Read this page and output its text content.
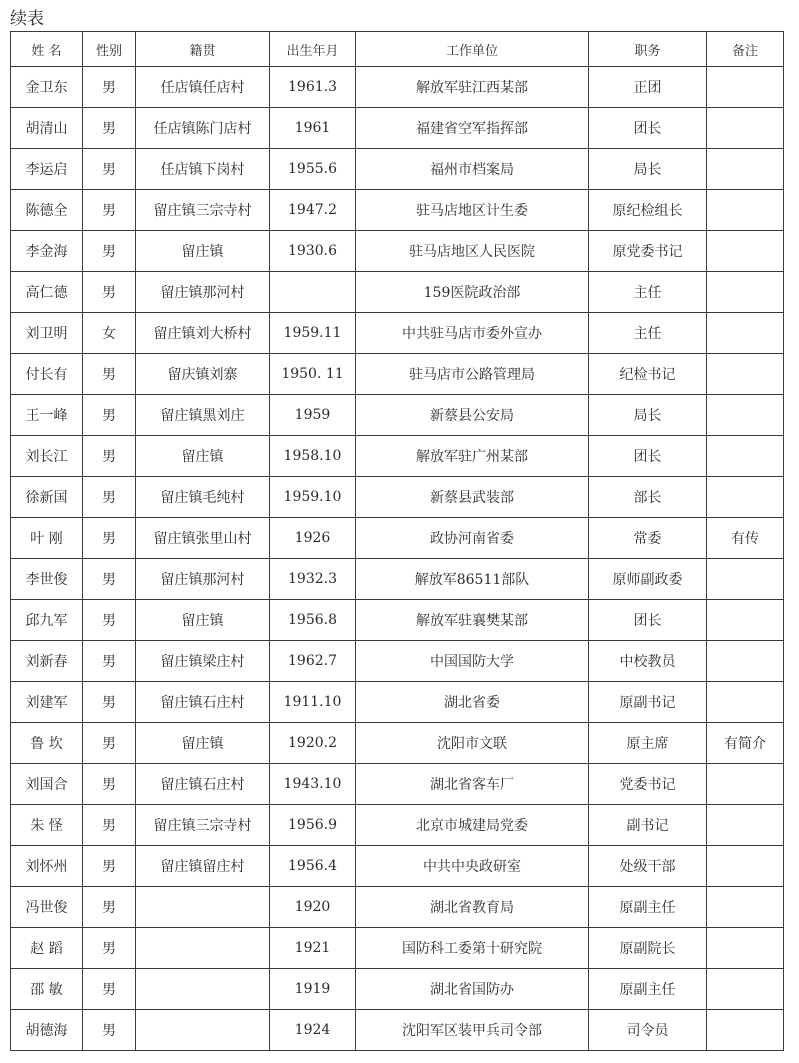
续表
姓 名	性别	籍贯	出生年月	工作单位	职务	备注
金卫东	男	任店镇任店村	1961.3	解放军驻江西某部	正团	
胡清山	男	任店镇陈门店村	1961	福建省空军指挥部	团长	
李运启	男	任店镇下岗村	1955.6	福州市档案局	局长	
陈德全	男	留庄镇三宗寺村	1947.2	驻马店地区计生委	原纪检组长	
李金海	男	留庄镇	1930.6	驻马店地区人民医院	原党委书记	
高仁德	男	留庄镇那河村		159医院政治部	主任	
刘卫明	女	留庄镇刘大桥村	1959.11	中共驻马店市委外宣办	主任	
付长有	男	留庆镇刘寨	1950. 11	驻马店市公路管理局	纪检书记	
王一峰	男	留庄镇黑刘庄	1959	新蔡县公安局	局长	
刘长江	男	留庄镇	1958.10	解放军驻广州某部	团长	
徐新国	男	留庄镇毛纯村	1959.10	新蔡县武装部	部长	
叶 刚	男	留庄镇张里山村	1926	政协河南省委	常委	有传
李世俊	男	留庄镇那河村	1932.3	解放军86511部队	原师副政委	
邱九军	男	留庄镇	1956.8	解放军驻襄樊某部	团长	
刘新春	男	留庄镇梁庄村	1962.7	中国国防大学	中校教员	
刘建军	男	留庄镇石庄村	1911.10	湖北省委	原副书记	
鲁 坎	男	留庄镇	1920.2	沈阳市文联	原主席	有简介
刘国合	男	留庄镇石庄村	1943.10	湖北省客车厂	党委书记	
朱 怪	男	留庄镇三宗寺村	1956.9	北京市城建局党委	副书记	
刘怀州	男	留庄镇留庄村	1956.4	中共中央政研室	处级干部	
冯世俊	男		1920	湖北省教育局	原副主任	
赵 蹈	男		1921	国防科工委第十研究院	原副院长	
邵 敏	男		1919	湖北省国防办	原副主任	
胡德海	男		1924	沈阳军区装甲兵司令部	司令员	
